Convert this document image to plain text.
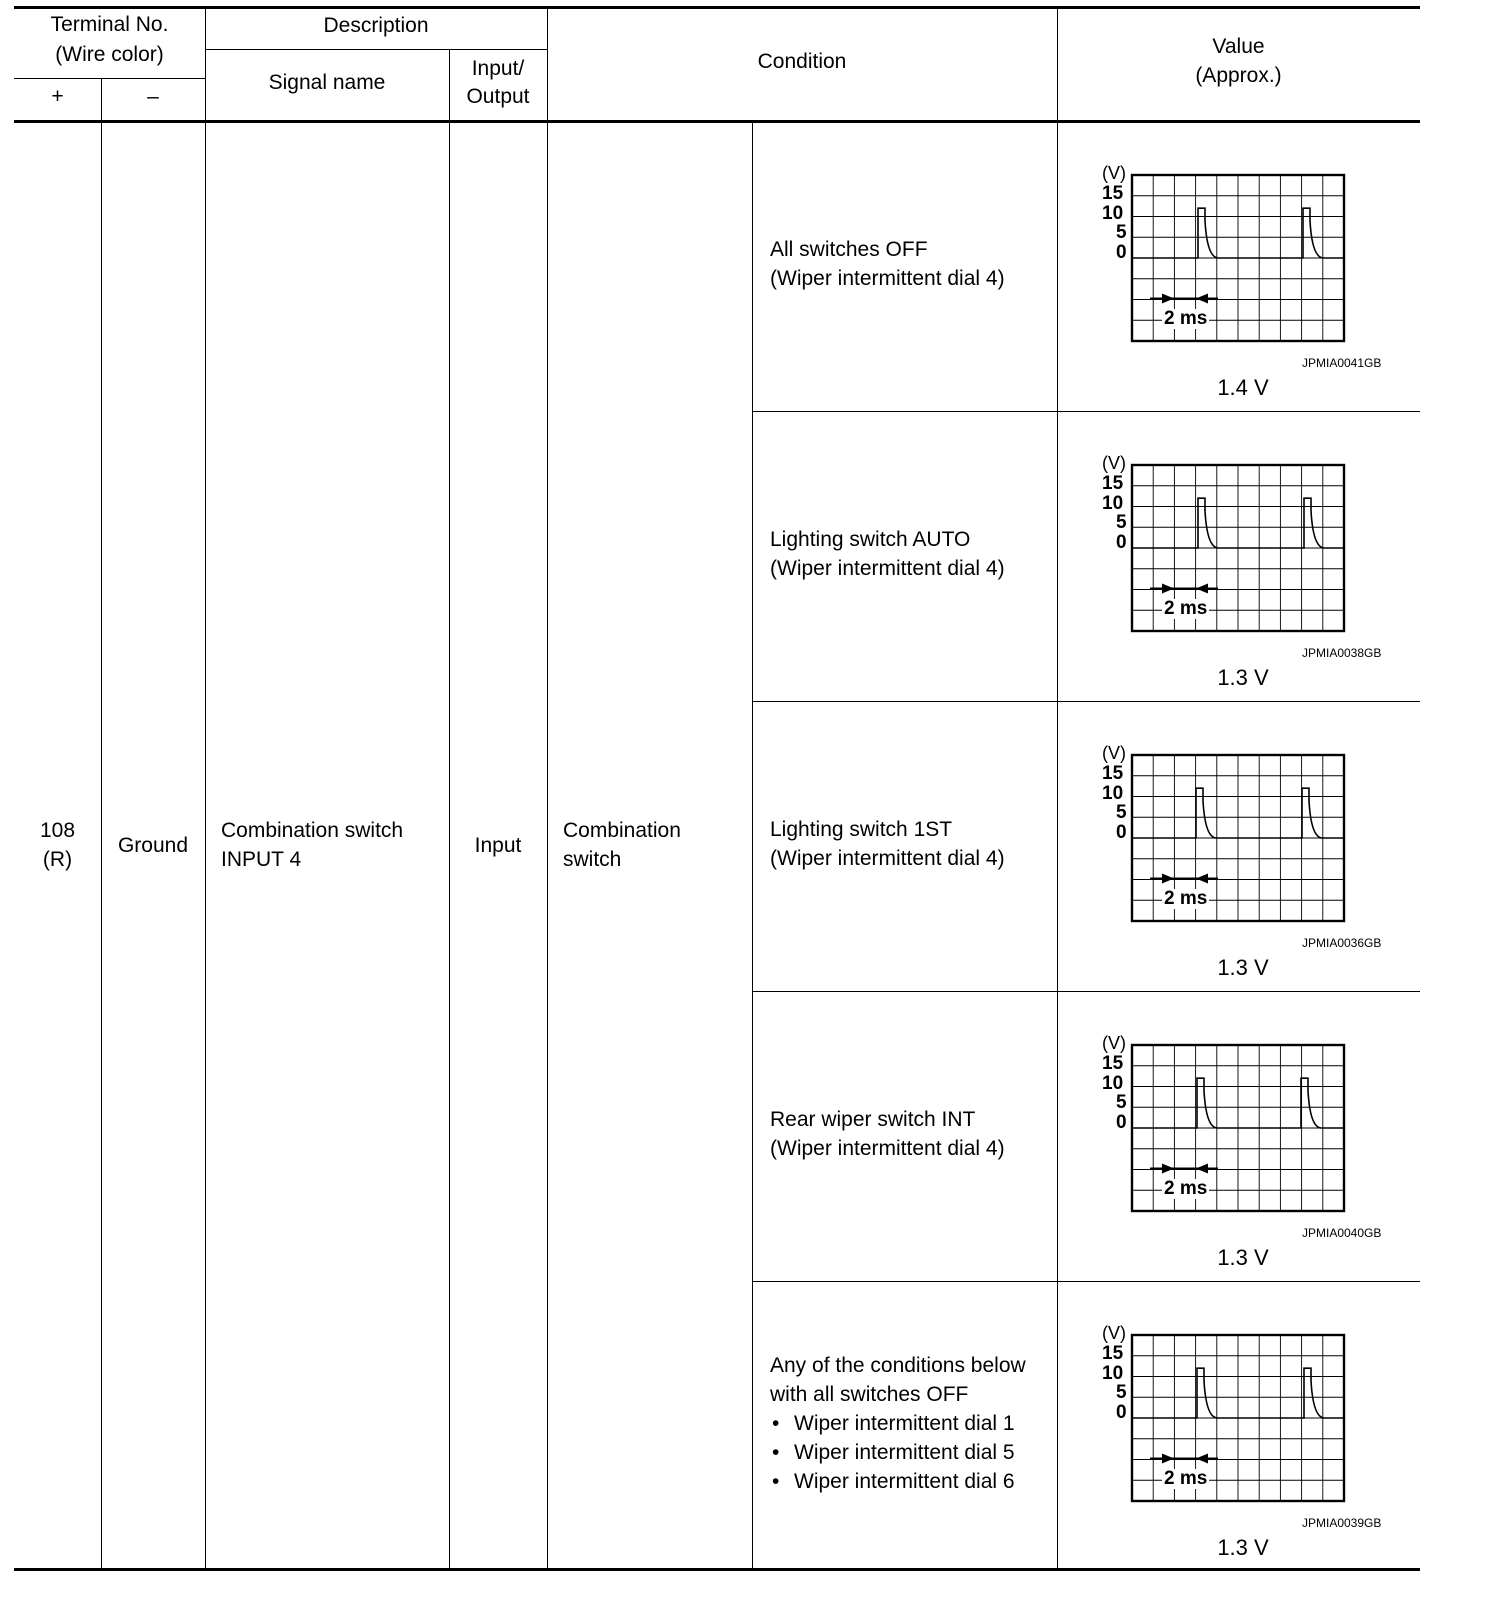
Terminal No.
(Wire color)
+	–
Description
Signal name
Input/
Output
Condition
Value
(Approx.)
108
(R)
Ground
Combination switch
INPUT 4
Input
Combination
switch
All switches OFF
(Wiper intermittent dial 4)
Lighting switch AUTO
(Wiper intermittent dial 4)
Lighting switch 1ST
(Wiper intermittent dial 4)
Rear wiper switch INT
(Wiper intermittent dial 4)
Any of the conditions below
with all switches OFF
• Wiper intermittent dial 1
• Wiper intermittent dial 5
• Wiper intermittent dial 6
(V)
15
10
5
0
2 ms
JPMIA0041GB
1.4 V
(V)
15
10
5
0
2 ms
JPMIA0038GB
1.3 V
(V)
15
10
5
0
2 ms
JPMIA0036GB
1.3 V
(V)
15
10
5
0
2 ms
JPMIA0040GB
1.3 V
(V)
15
10
5
0
2 ms
JPMIA0039GB
1.3 V
